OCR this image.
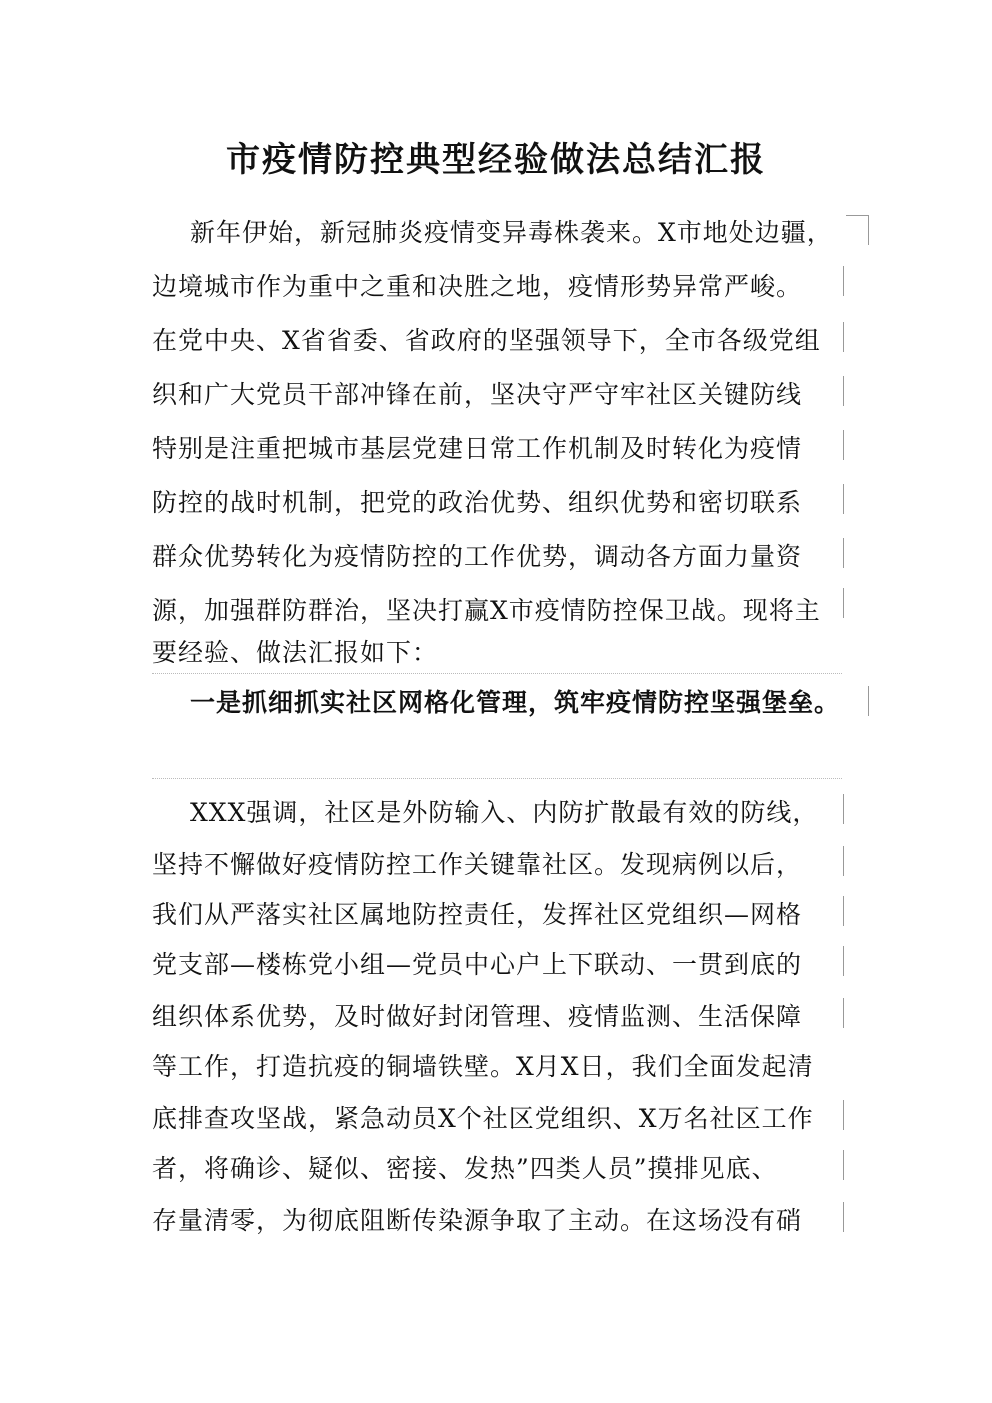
市疫情防控典型经验做法总结汇报
新年伊始，新冠肺炎疫情变异毒株袭来。X市地处边疆，
边境城市作为重中之重和决胜之地，疫情形势异常严峻。
在党中央、X省省委、省政府的坚强领导下，全市各级党组
织和广大党员干部冲锋在前，坚决守严守牢社区关键防线
特别是注重把城市基层党建日常工作机制及时转化为疫情
防控的战时机制，把党的政治优势、组织优势和密切联系
群众优势转化为疫情防控的工作优势，调动各方面力量资
源，加强群防群治，坚决打赢X市疫情防控保卫战。现将主
要经验、做法汇报如下：
一是抓细抓实社区网格化管理，筑牢疫情防控坚强堡垒。
XXX强调，社区是外防输入、内防扩散最有效的防线，
坚持不懈做好疫情防控工作关键靠社区。发现病例以后，
我们从严落实社区属地防控责任，发挥社区党组织—网格
党支部—楼栋党小组—党员中心户上下联动、一贯到底的
组织体系优势，及时做好封闭管理、疫情监测、生活保障
等工作，打造抗疫的铜墙铁壁。X月X日，我们全面发起清
底排查攻坚战，紧急动员X个社区党组织、X万名社区工作
者，将确诊、疑似、密接、发热”四类人员”摸排见底、
存量清零，为彻底阻断传染源争取了主动。在这场没有硝
